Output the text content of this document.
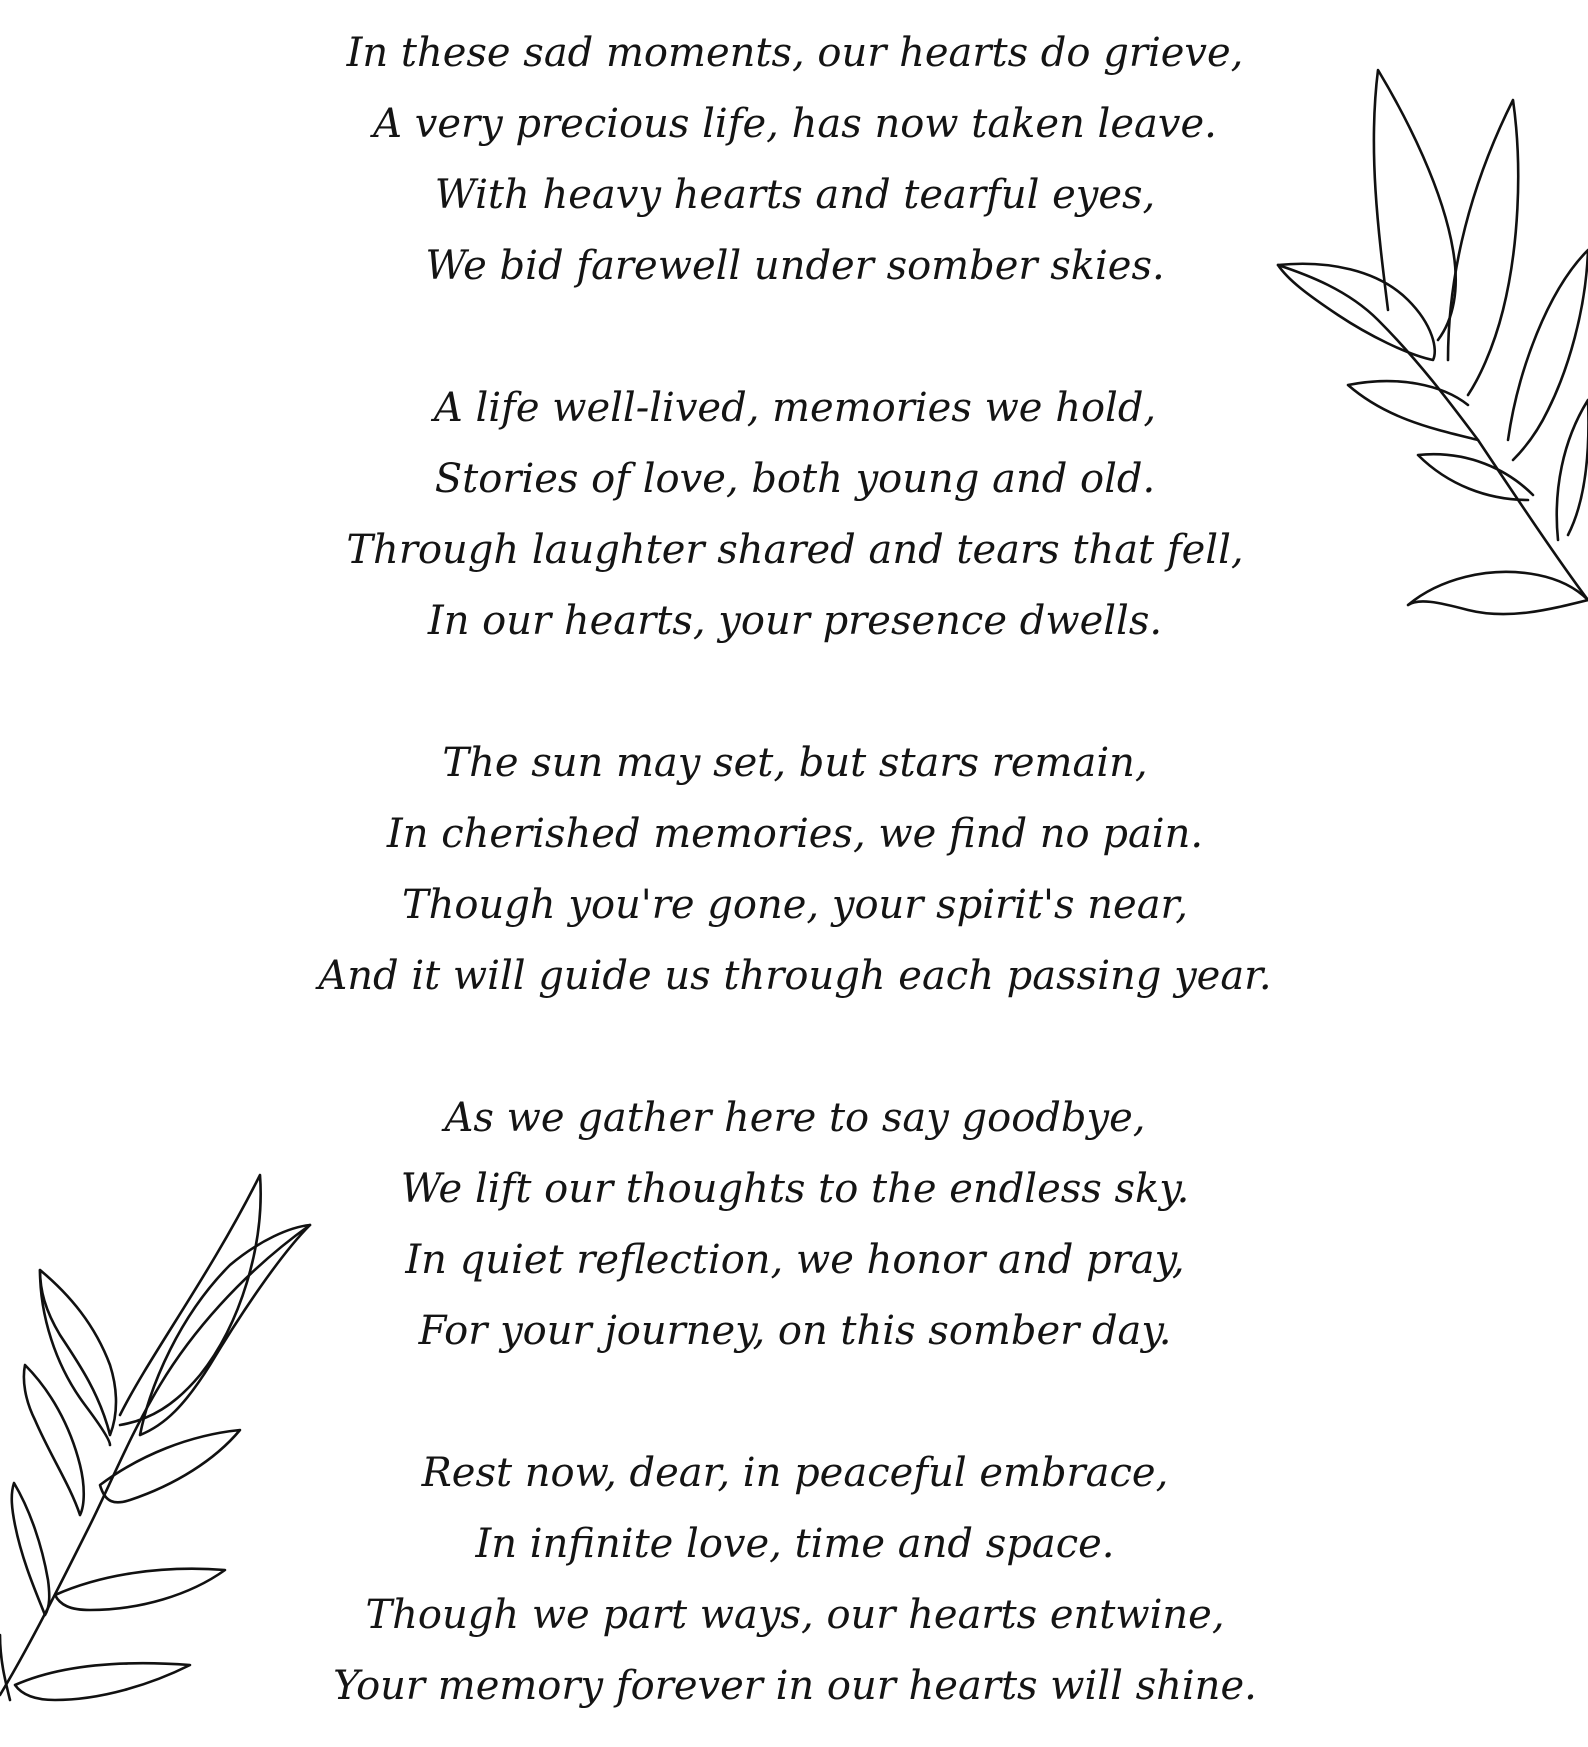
In these sad moments, our hearts do grieve,
A very precious life, has now taken leave.
With heavy hearts and tearful eyes,
We bid farewell under somber skies.
A life well-lived, memories we hold,
Stories of love, both young and old.
Through laughter shared and tears that fell,
In our hearts, your presence dwells.
The sun may set, but stars remain,
In cherished memories, we find no pain.
Though you're gone, your spirit's near,
And it will guide us through each passing year.
As we gather here to say goodbye,
We lift our thoughts to the endless sky.
In quiet reflection, we honor and pray,
For your journey, on this somber day.
Rest now, dear, in peaceful embrace,
In infinite love, time and space.
Though we part ways, our hearts entwine,
Your memory forever in our hearts will shine.
